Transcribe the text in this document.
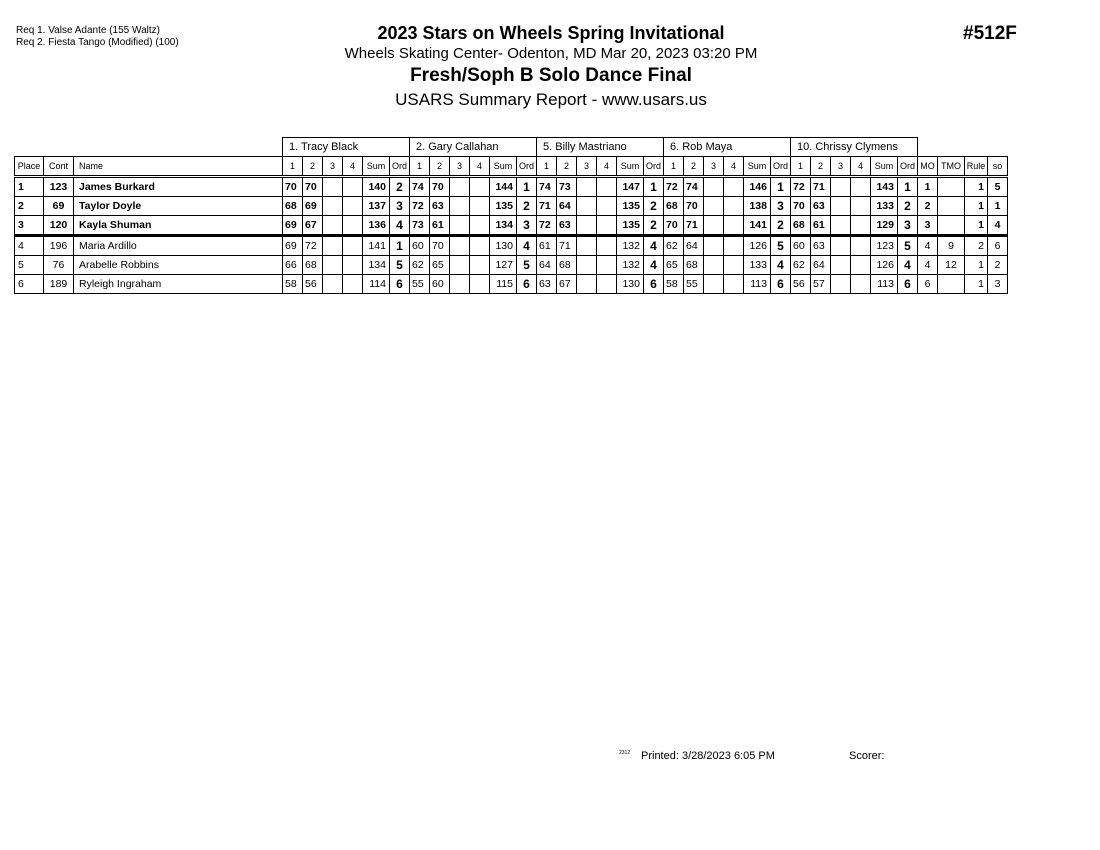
Req 1. Valse Adante (155 Waltz)
Req 2. Fiesta Tango (Modified) (100)	2023 Stars on Wheels Spring Invitational
Wheels Skating Center- Odenton, MD Mar 20, 2023 03:20 PM
Fresh/Soph B Solo Dance Final
USARS Summary Report - www.usars.us
#512F
			1. Tracy Black						2. Gary Callahan						5. Billy Mastriano						6. Rob Maya						10. Chrissy Clymens									
Place	Cont	Name	1	2	3	4	Sum	Ord	1	2	3	4	Sum	Ord	1	2	3	4	Sum	Ord	1	2	3	4	Sum	Ord	1	2	3	4	Sum	Ord	MO	TMO	Rule	so
1	123	James Burkard	70	70			140	2	74	70			144	1	74	73			147	1	72	74			146	1	72	71			143	1	1		1	5
2	69	Taylor Doyle	68	69			137	3	72	63			135	2	71	64			135	2	68	70			138	3	70	63			133	2	2		1	1
3	120	Kayla Shuman	69	67			136	4	73	61			134	3	72	63			135	2	70	71			141	2	68	61			129	3	3		1	4
4	196	Maria Ardillo	69	72			141	1	60	70			130	4	61	71			132	4	62	64			126	5	60	63			123	5	4	9	2	6
5	76	Arabelle Robbins	66	68			134	5	62	65			127	5	64	68			132	4	65	68			133	4	62	64			126	4	4	12	1	2
6	189	Ryleigh Ingraham	58	56			114	6	55	60			115	6	63	67			130	6	58	55			113	6	56	57			113	6	6		1	3
2312 Printed: 3/28/2023 6:05 PM	Scorer:
